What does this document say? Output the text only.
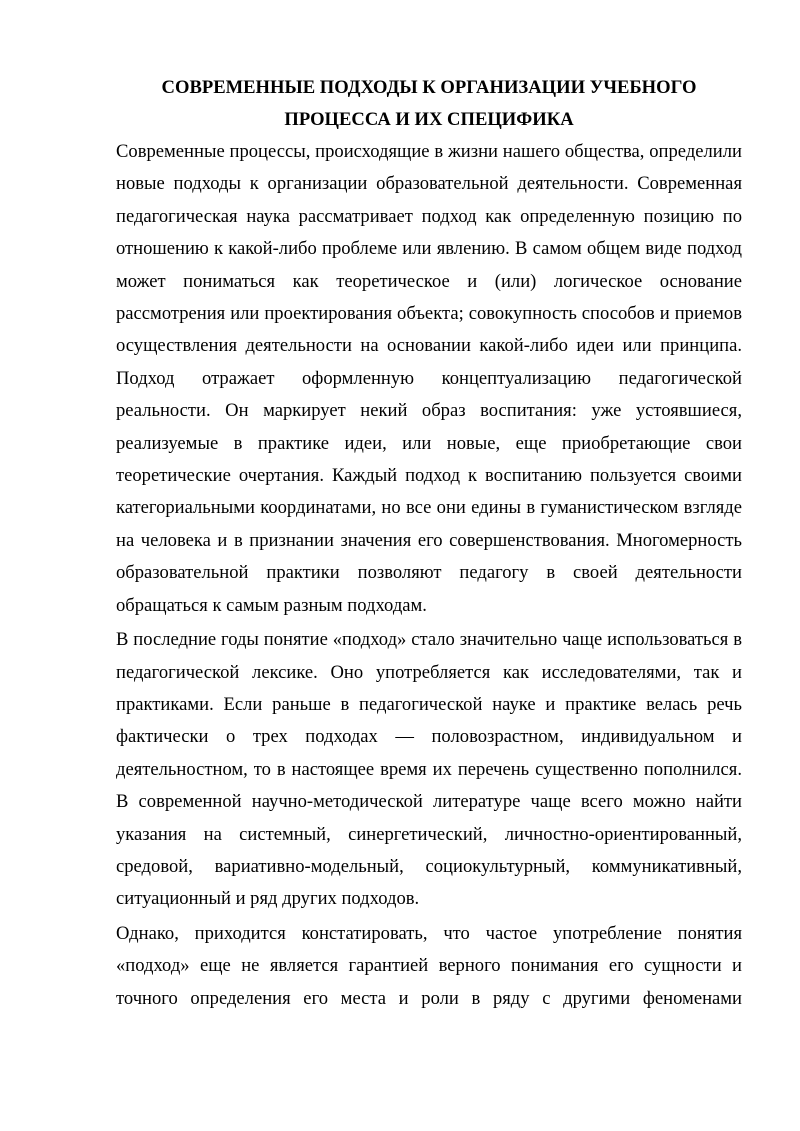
СОВРЕМЕННЫЕ ПОДХОДЫ К ОРГАНИЗАЦИИ УЧЕБНОГО
ПРОЦЕССА И ИХ СПЕЦИФИКА

Современные процессы, происходящие в жизни нашего общества, определили новые подходы к организации образовательной деятельности. Современная педагогическая наука рассматривает подход как определенную позицию по отношению к какой-либо проблеме или явлению. В самом общем виде подход может пониматься как теоретическое и (или) логическое основание рассмотрения или проектирования объекта; совокупность способов и приемов осуществления деятельности на основании какой-либо идеи или принципа. Подход отражает оформленную концептуализацию педагогической реальности. Он маркирует некий образ воспитания: уже устоявшиеся, реализуемые в практике идеи, или новые, еще приобретающие свои теоретические очертания. Каждый подход к воспитанию пользуется своими категориальными координатами, но все они едины в гуманистическом взгляде на человека и в признании значения его совершенствования. Многомерность образовательной практики позволяют педагогу в своей деятельности обращаться к самым разным подходам.

В последние годы понятие «подход» стало значительно чаще использоваться в педагогической лексике. Оно употребляется как исследователями, так и практиками. Если раньше в педагогической науке и практике велась речь фактически о трех подходах — половозрастном, индивидуальном и деятельностном, то в настоящее время их перечень существенно пополнился. В современной научно-методической литературе чаще всего можно найти указания на системный, синергетический, личностно-ориентированный, средовой, вариативно-модельный, социокультурный, коммуникативный, ситуационный и ряд других подходов.

Однако, приходится констатировать, что частое употребление понятия «подход» еще не является гарантией верного понимания его сущности и точного определения его места и роли в ряду с другими феноменами
